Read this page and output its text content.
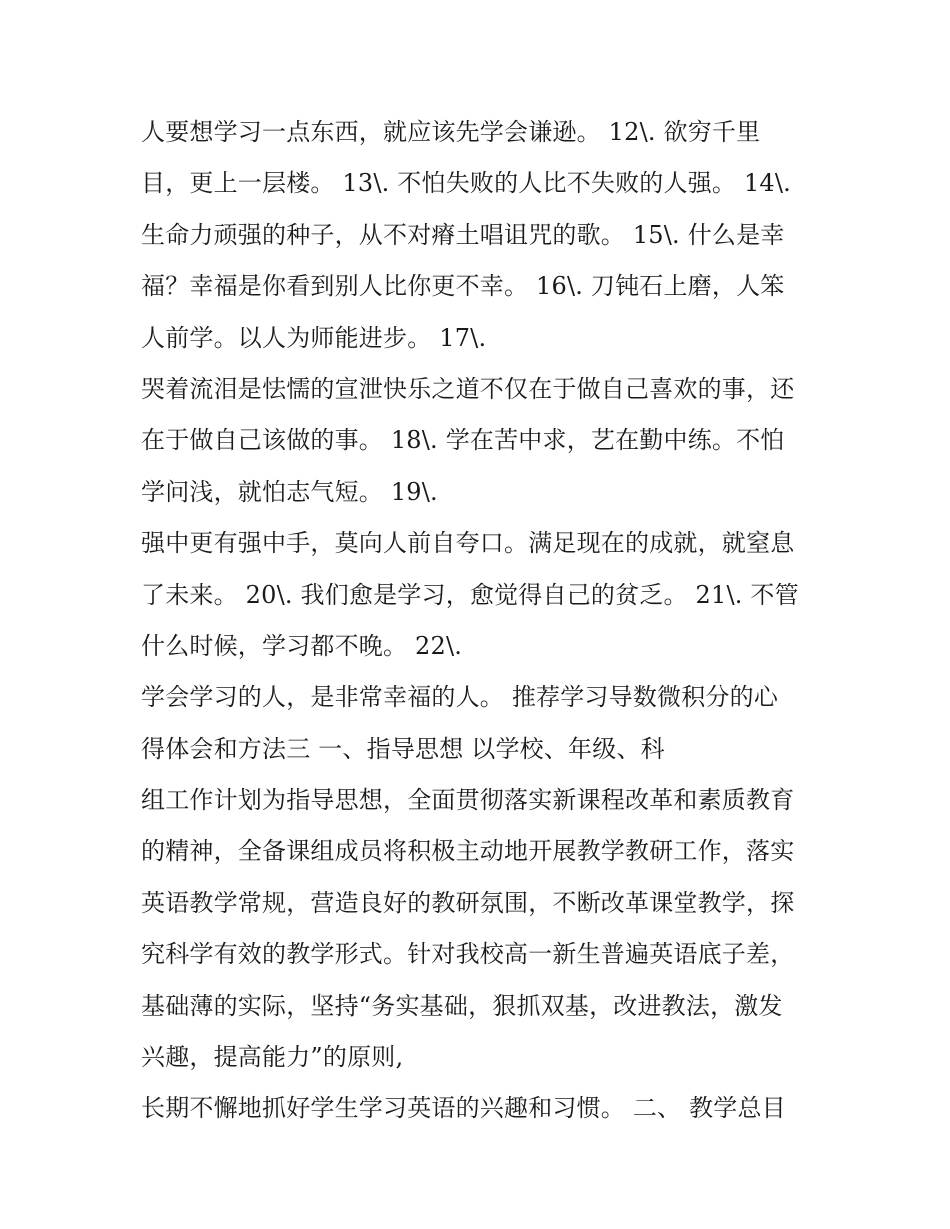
人要想学习一点东西，就应该先学会谦逊。 12\. 欲穷千里
目，更上一层楼。 13\. 不怕失败的人比不失败的人强。 14\.
生命力顽强的种子，从不对瘠土唱诅咒的歌。 15\. 什么是幸
福？幸福是你看到别人比你更不幸。 16\. 刀钝石上磨，人笨
人前学。以人为师能进步。 17\.
哭着流泪是怯懦的宣泄快乐之道不仅在于做自己喜欢的事，还
在于做自己该做的事。 18\. 学在苦中求，艺在勤中练。不怕
学问浅，就怕志气短。 19\.
强中更有强中手，莫向人前自夸口。满足现在的成就，就窒息
了未来。 20\. 我们愈是学习，愈觉得自己的贫乏。 21\. 不管
什么时候，学习都不晚。 22\.
学会学习的人，是非常幸福的人。 推荐学习导数微积分的心
得体会和方法三 一、指导思想 以学校、年级、科
组工作计划为指导思想，全面贯彻落实新课程改革和素质教育
的精神，全备课组成员将积极主动地开展教学教研工作，落实
英语教学常规，营造良好的教研氛围，不断改革课堂教学，探
究科学有效的教学形式。针对我校高一新生普遍英语底子差，
基础薄的实际，坚持“务实基础，狠抓双基，改进教法，激发
兴趣，提高能力”的原则,
长期不懈地抓好学生学习英语的兴趣和习惯。 二、 教学总目
